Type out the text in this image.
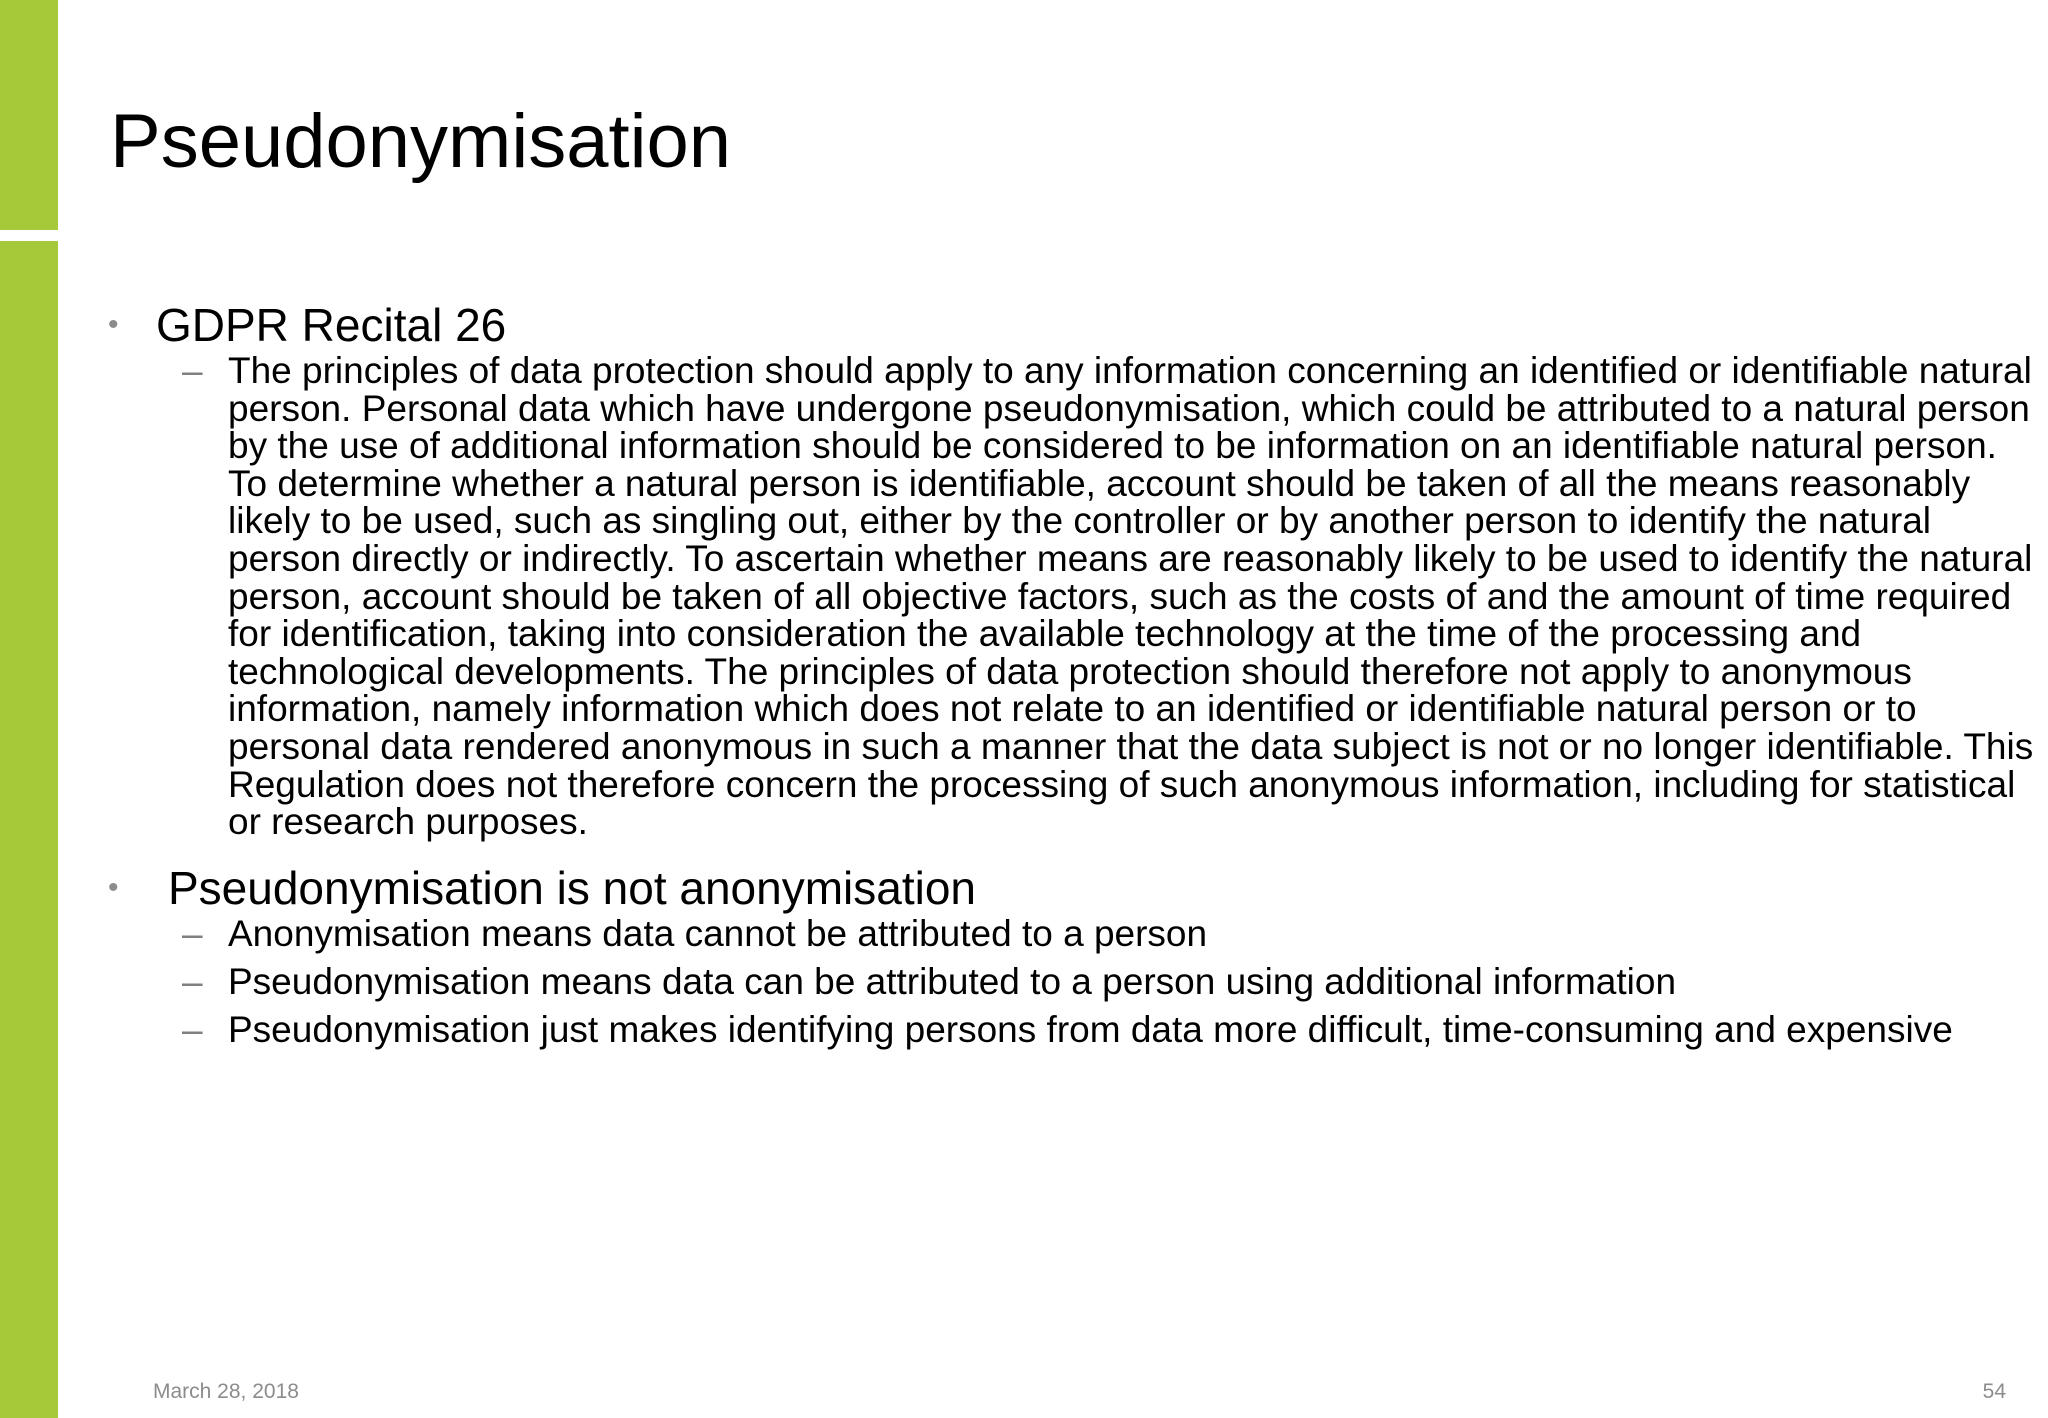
Pseudonymisation
• GDPR Recital 26
– The principles of data protection should apply to any information concerning an identified or identifiable natural person. Personal data which have undergone pseudonymisation, which could be attributed to a natural person by the use of additional information should be considered to be information on an identifiable natural person. To determine whether a natural person is identifiable, account should be taken of all the means reasonably likely to be used, such as singling out, either by the controller or by another person to identify the natural person directly or indirectly. To ascertain whether means are reasonably likely to be used to identify the natural person, account should be taken of all objective factors, such as the costs of and the amount of time required for identification, taking into consideration the available technology at the time of the processing and technological developments. The principles of data protection should therefore not apply to anonymous information, namely information which does not relate to an identified or identifiable natural person or to personal data rendered anonymous in such a manner that the data subject is not or no longer identifiable. This Regulation does not therefore concern the processing of such anonymous information, including for statistical or research purposes.
• Pseudonymisation is not anonymisation
– Anonymisation means data cannot be attributed to a person
– Pseudonymisation means data can be attributed to a person using additional information
– Pseudonymisation just makes identifying persons from data more difficult, time-consuming and expensive
March 28, 2018	54
